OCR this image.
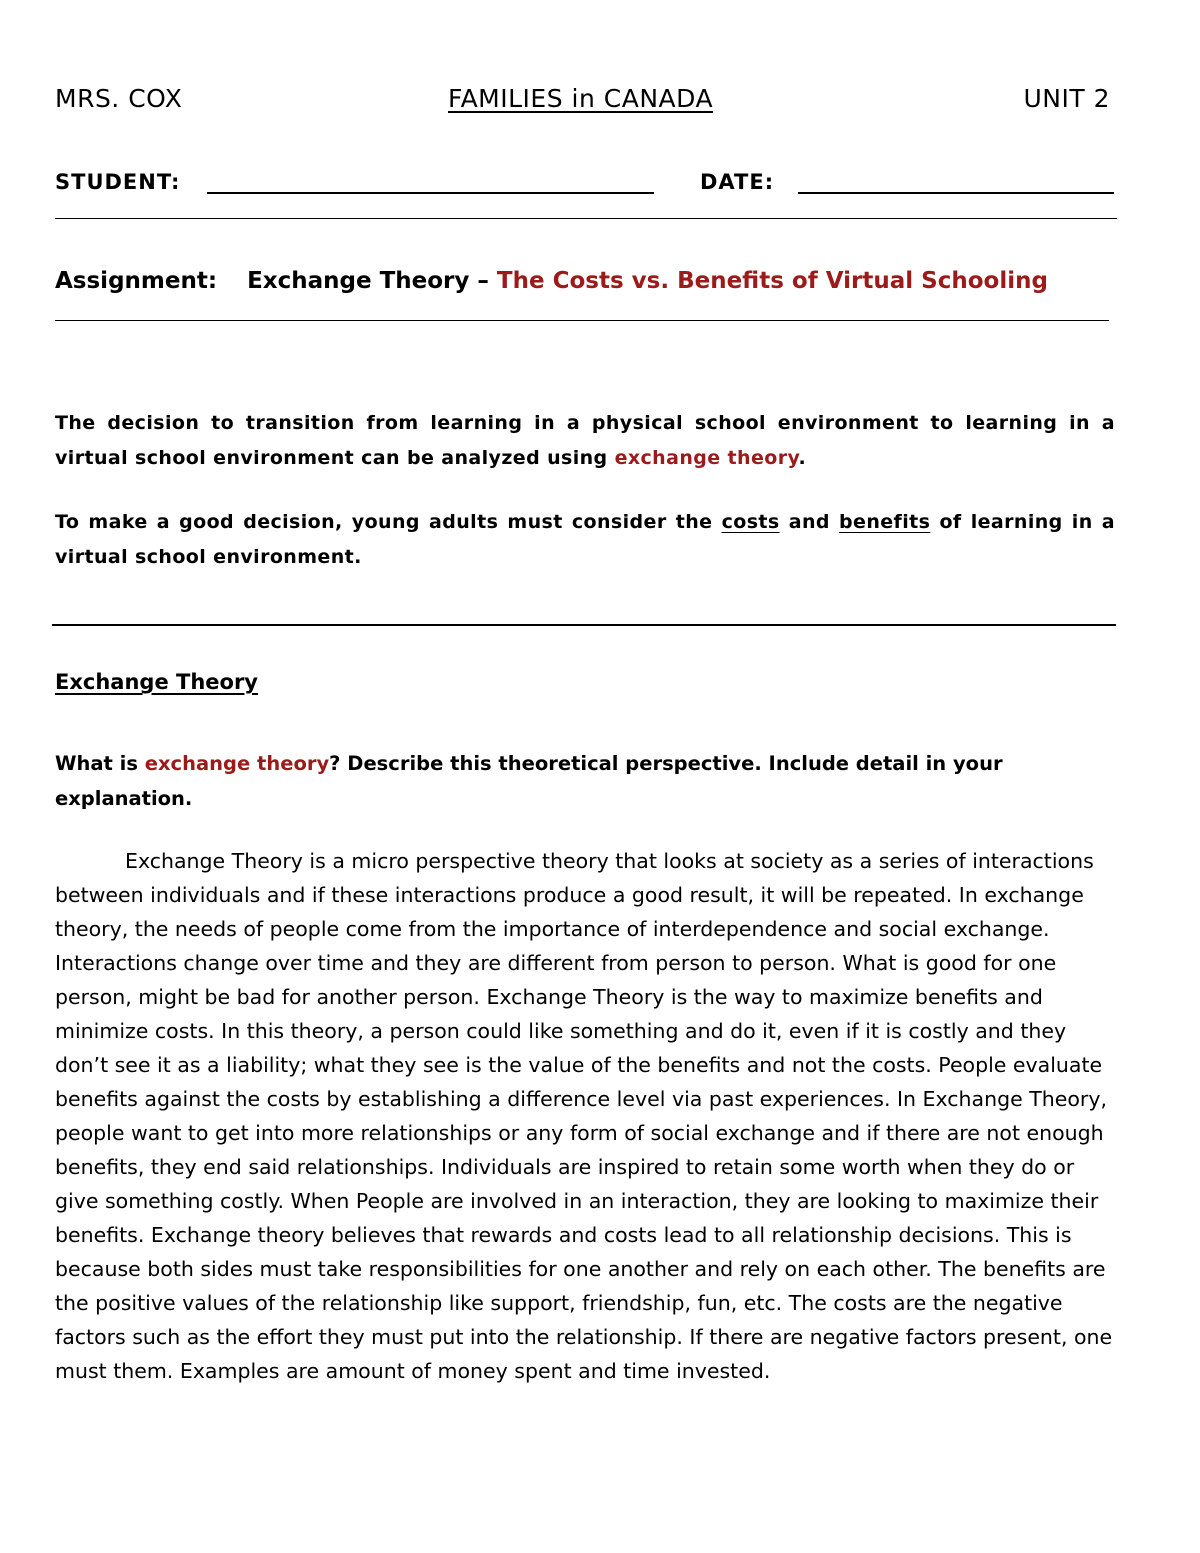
MRS. COX	FAMILIES in CANADA	UNIT 2
STUDENT:	DATE:
Assignment: Exchange Theory – The Costs vs. Benefits of Virtual Schooling

The decision to transition from learning in a physical school environment to learning in a virtual school environment can be analyzed using exchange theory.

To make a good decision, young adults must consider the costs and benefits of learning in a virtual school environment.

Exchange Theory

What is exchange theory? Describe this theoretical perspective. Include detail in your explanation.

Exchange Theory is a micro perspective theory that looks at society as a series of interactions between individuals and if these interactions produce a good result, it will be repeated. In exchange theory, the needs of people come from the importance of interdependence and social exchange. Interactions change over time and they are different from person to person. What is good for one person, might be bad for another person. Exchange Theory is the way to maximize benefits and minimize costs. In this theory, a person could like something and do it, even if it is costly and they don’t see it as a liability; what they see is the value of the benefits and not the costs. People evaluate benefits against the costs by establishing a difference level via past experiences. In Exchange Theory, people want to get into more relationships or any form of social exchange and if there are not enough benefits, they end said relationships. Individuals are inspired to retain some worth when they do or give something costly. When People are involved in an interaction, they are looking to maximize their benefits. Exchange theory believes that rewards and costs lead to all relationship decisions. This is because both sides must take responsibilities for one another and rely on each other. The benefits are the positive values of the relationship like support, friendship, fun, etc. The costs are the negative factors such as the effort they must put into the relationship. If there are negative factors present, one must them. Examples are amount of money spent and time invested.
